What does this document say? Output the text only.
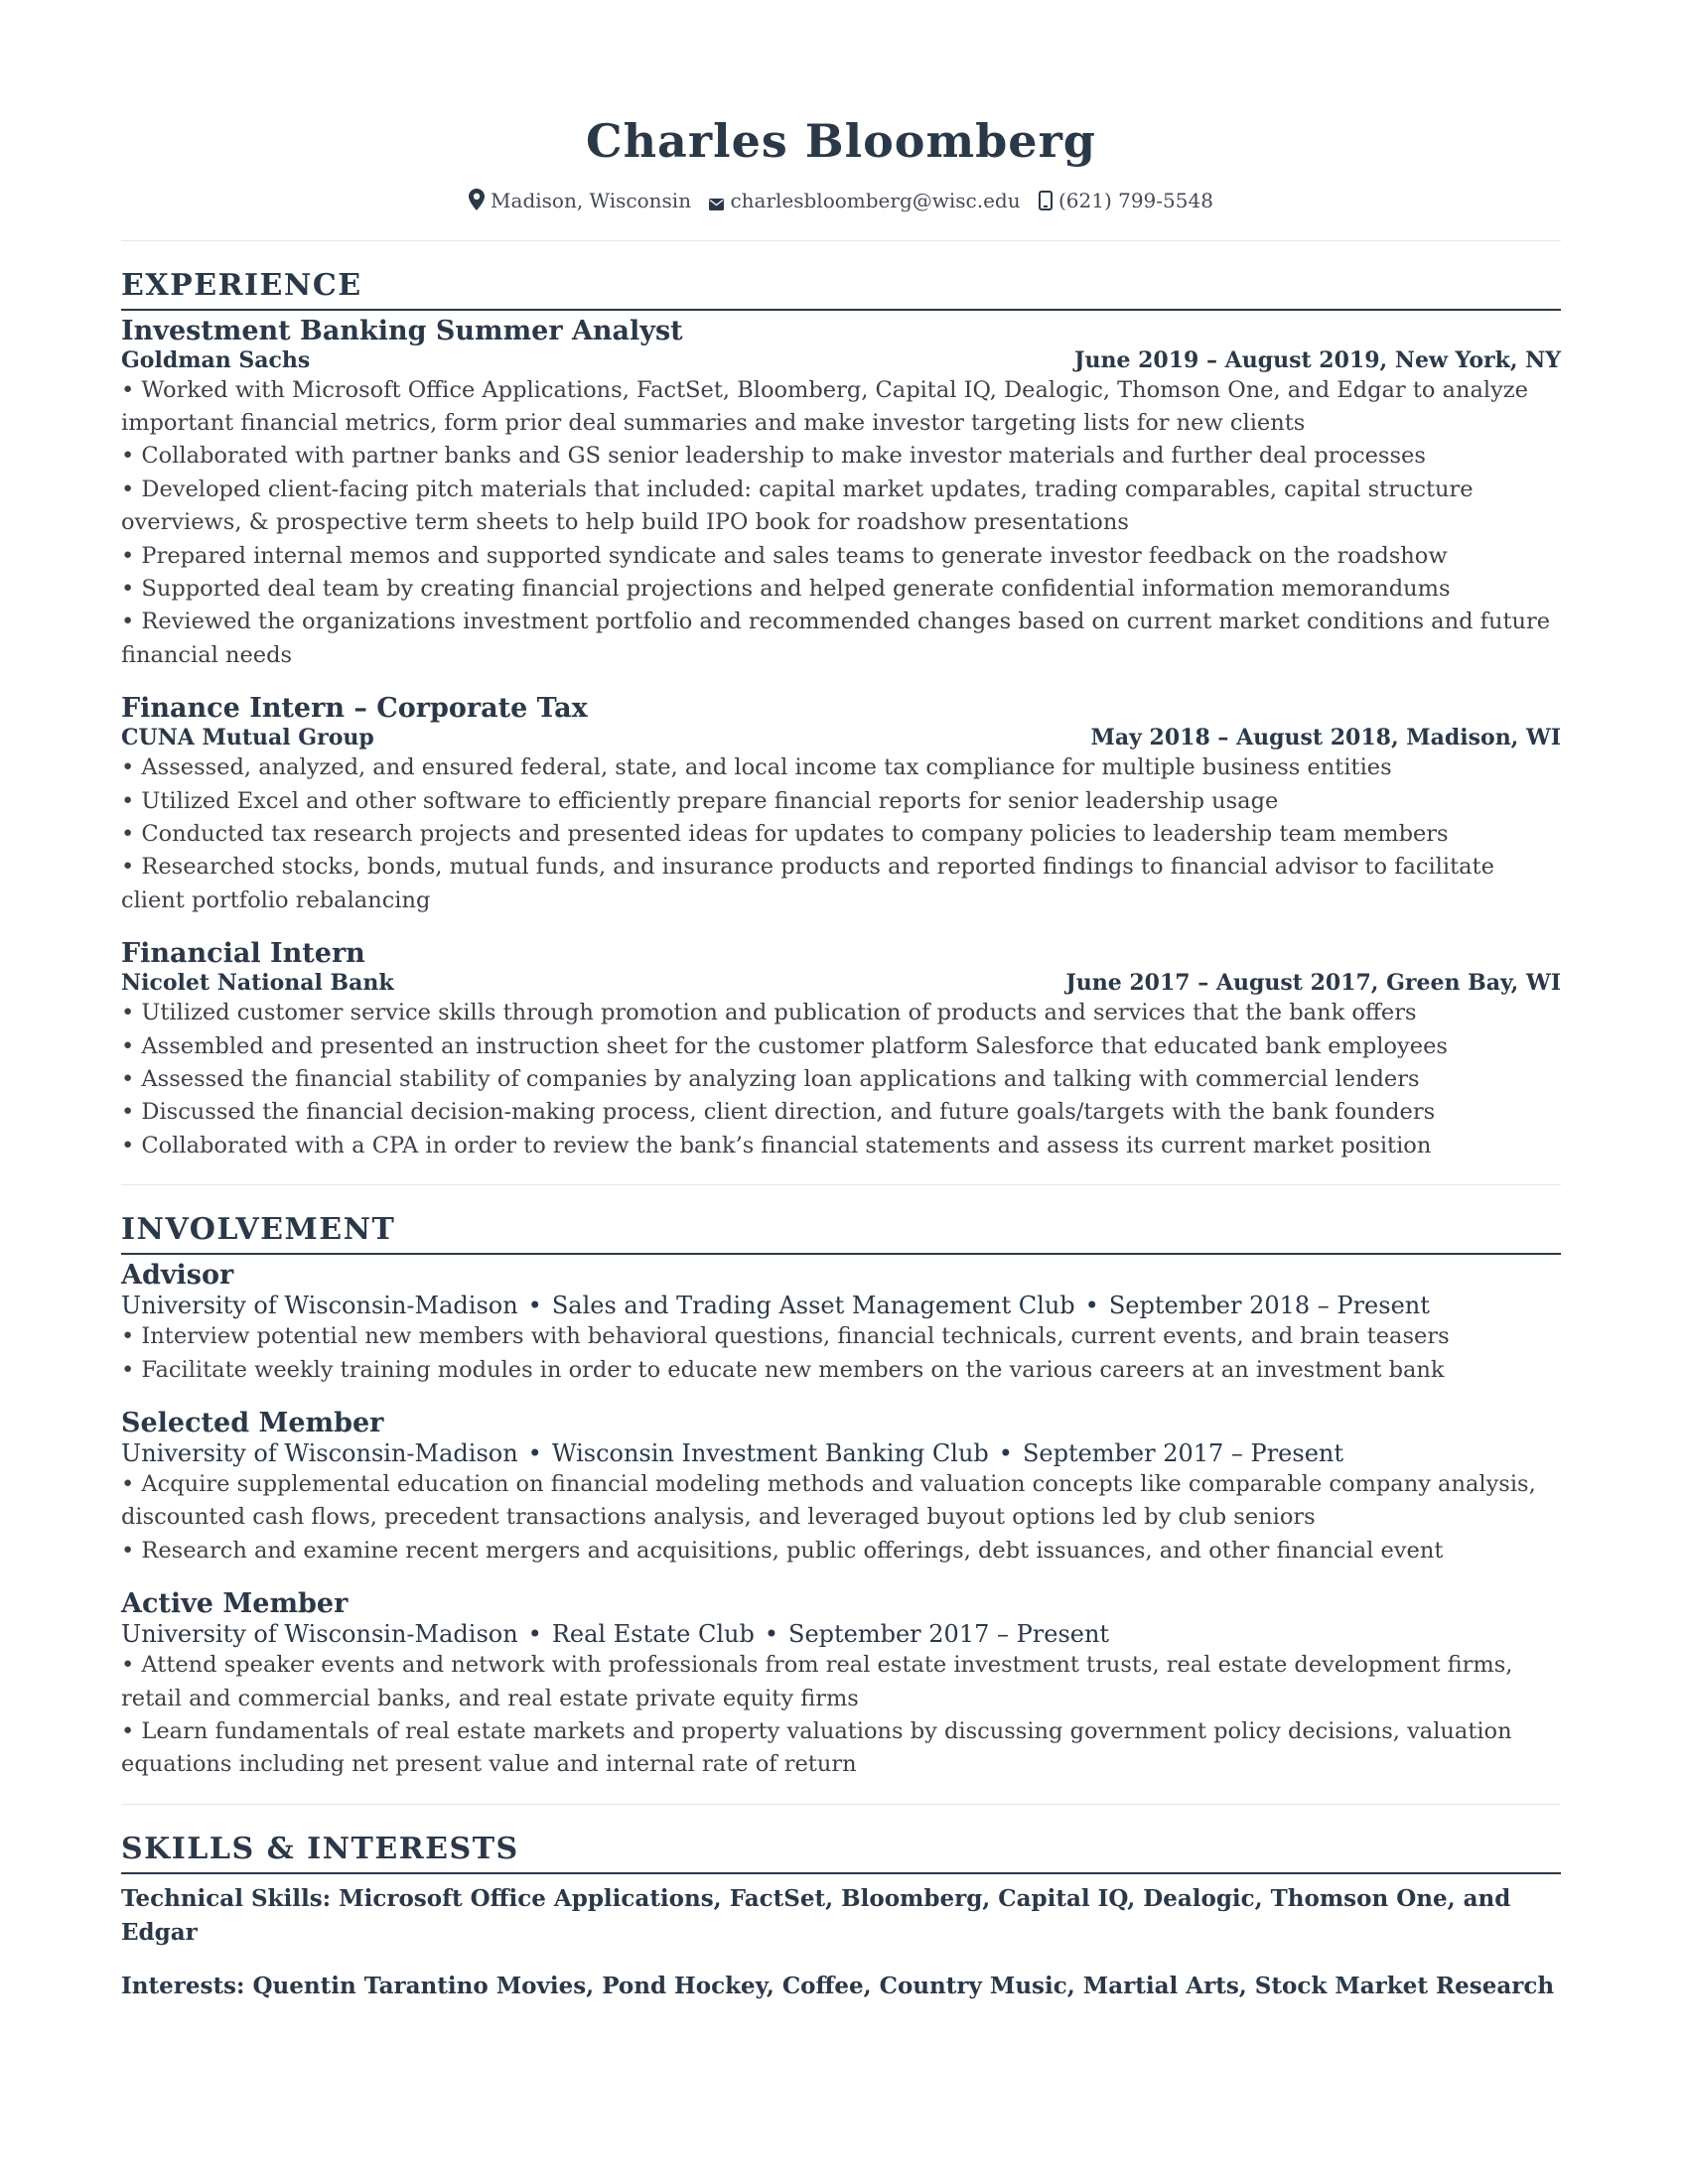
Charles Bloomberg
Madison, Wisconsin charlesbloomberg@wisc.edu (621) 799-5548
EXPERIENCE
Investment Banking Summer Analyst
Goldman Sachs	June 2019 – August 2019, New York, NY

• Worked with Microsoft Office Applications, FactSet, Bloomberg, Capital IQ, Dealogic, Thomson One, and Edgar to analyze important financial metrics, form prior deal summaries and make investor targeting lists for new clients

• Collaborated with partner banks and GS senior leadership to make investor materials and further deal processes

• Developed client-facing pitch materials that included: capital market updates, trading comparables, capital structure overviews, & prospective term sheets to help build IPO book for roadshow presentations

• Prepared internal memos and supported syndicate and sales teams to generate investor feedback on the roadshow

• Supported deal team by creating financial projections and helped generate confidential information memorandums

• Reviewed the organizations investment portfolio and recommended changes based on current market conditions and future financial needs

Finance Intern – Corporate Tax
CUNA Mutual Group	May 2018 – August 2018, Madison, WI

• Assessed, analyzed, and ensured federal, state, and local income tax compliance for multiple business entities

• Utilized Excel and other software to efficiently prepare financial reports for senior leadership usage

• Conducted tax research projects and presented ideas for updates to company policies to leadership team members

• Researched stocks, bonds, mutual funds, and insurance products and reported findings to financial advisor to facilitate client portfolio rebalancing

Financial Intern
Nicolet National Bank	June 2017 – August 2017, Green Bay, WI

• Utilized customer service skills through promotion and publication of products and services that the bank offers

• Assembled and presented an instruction sheet for the customer platform Salesforce that educated bank employees

• Assessed the financial stability of companies by analyzing loan applications and talking with commercial lenders

• Discussed the financial decision-making process, client direction, and future goals/targets with the bank founders

• Collaborated with a CPA in order to review the bank’s financial statements and assess its current market position

INVOLVEMENT
Advisor
University of Wisconsin-Madison • Sales and Trading Asset Management Club • September 2018 – Present

• Interview potential new members with behavioral questions, financial technicals, current events, and brain teasers

• Facilitate weekly training modules in order to educate new members on the various careers at an investment bank

Selected Member
University of Wisconsin-Madison • Wisconsin Investment Banking Club • September 2017 – Present

• Acquire supplemental education on financial modeling methods and valuation concepts like comparable company analysis, discounted cash flows, precedent transactions analysis, and leveraged buyout options led by club seniors

• Research and examine recent mergers and acquisitions, public offerings, debt issuances, and other financial event

Active Member
University of Wisconsin-Madison • Real Estate Club • September 2017 – Present

• Attend speaker events and network with professionals from real estate investment trusts, real estate development firms, retail and commercial banks, and real estate private equity firms

• Learn fundamentals of real estate markets and property valuations by discussing government policy decisions, valuation equations including net present value and internal rate of return

SKILLS & INTERESTS
Technical Skills: Microsoft Office Applications, FactSet, Bloomberg, Capital IQ, Dealogic, Thomson One, and Edgar
Interests: Quentin Tarantino Movies, Pond Hockey, Coffee, Country Music, Martial Arts, Stock Market Research
